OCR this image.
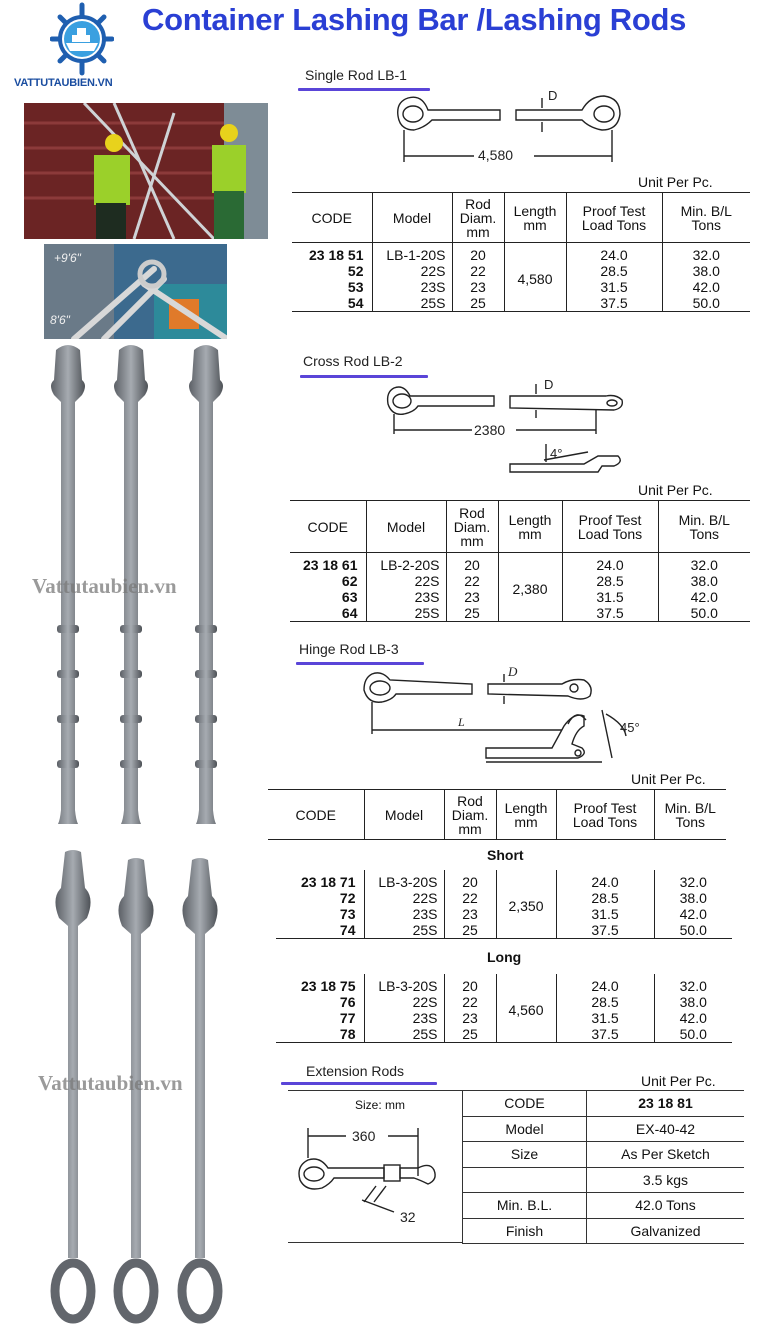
VATTUTAUBIEN.VN
Container Lashing Bar /Lashing Rods
+9'6"
8'6"
Vattutaubien.vn
Vattutaubien.vn
Single Rod LB-1
D
4,580
Unit Per Pc.
CODE	Model	Rod Diam. mm	Length mm	Proof Test Load Tons	Min. B/L Tons
23 18 51	LB-1-20S	20	4,580	24.0	32.0
52	22S	22		28.5	38.0
53	23S	23		31.5	42.0
54	25S	25		37.5	50.0
Cross Rod LB-2
D
2380
4°
Unit Per Pc.
CODE	Model	Rod Diam. mm	Length mm	Proof Test Load Tons	Min. B/L Tons
23 18 61	LB-2-20S	20	2,380	24.0	32.0
62	22S	22		28.5	38.0
63	23S	23		31.5	42.0
64	25S	25		37.5	50.0
Hinge Rod LB-3
D
L	45°
Unit Per Pc.
CODE	Model	Rod Diam. mm	Length mm	Proof Test Load Tons	Min. B/L Tons
Short
23 18 71	LB-3-20S	20	2,350	24.0	32.0
72	22S	22		28.5	38.0
73	23S	23		31.5	42.0
74	25S	25		37.5	50.0
Long
23 18 75	LB-3-20S	20	4,560	24.0	32.0
76	22S	22		28.5	38.0
77	23S	23		31.5	42.0
78	25S	25		37.5	50.0
Extension Rods
Unit Per Pc.
Size: mm
360
32
CODE	23 18 81
Model	EX-40-42
Size	As Per Sketch
	3.5 kgs
Min. B.L.	42.0 Tons
Finish	Galvanized
